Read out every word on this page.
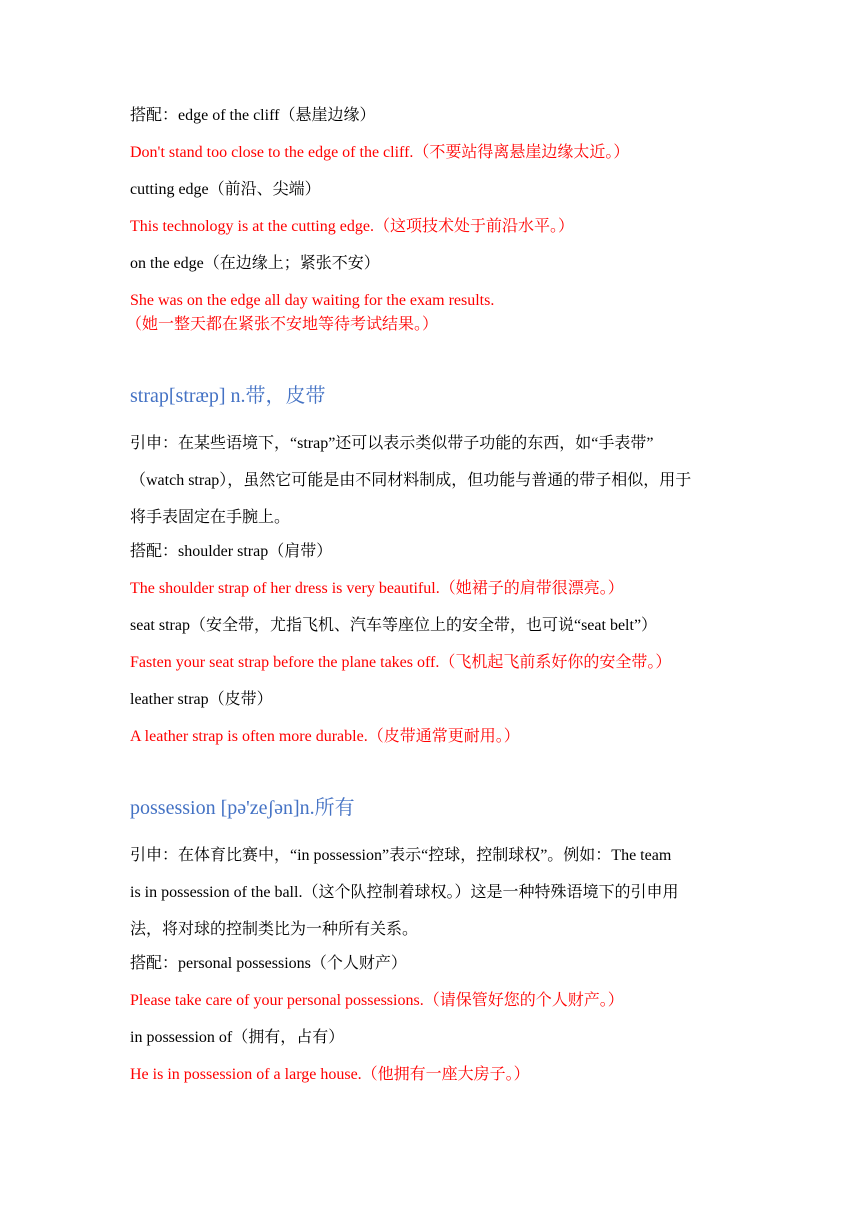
搭配：edge of the cliff（悬崖边缘）

Don't stand too close to the edge of the cliff.（不要站得离悬崖边缘太近。）

cutting edge（前沿、尖端）

This technology is at the cutting edge.（这项技术处于前沿水平。）

on the edge（在边缘上；紧张不安）

She was on the edge all day waiting for the exam results.

（她一整天都在紧张不安地等待考试结果。）

strap[stræp] n.带，皮带

引申：在某些语境下，“strap”还可以表示类似带子功能的东西，如“手表带”

（watch strap），虽然它可能是由不同材料制成，但功能与普通的带子相似，用于

将手表固定在手腕上。

搭配：shoulder strap（肩带）

The shoulder strap of her dress is very beautiful.（她裙子的肩带很漂亮。）

seat strap（安全带，尤指飞机、汽车等座位上的安全带，也可说“seat belt”）

Fasten your seat strap before the plane takes off.（飞机起飞前系好你的安全带。）

leather strap（皮带）

A leather strap is often more durable.（皮带通常更耐用。）

possession [pə'zeʃən]n.所有

引申：在体育比赛中，“in possession”表示“控球，控制球权”。例如：The team

is in possession of the ball.（这个队控制着球权。）这是一种特殊语境下的引申用

法，将对球的控制类比为一种所有关系。

搭配：personal possessions（个人财产）

Please take care of your personal possessions.（请保管好您的个人财产。）

in possession of（拥有，占有）

He is in possession of a large house.（他拥有一座大房子。）
